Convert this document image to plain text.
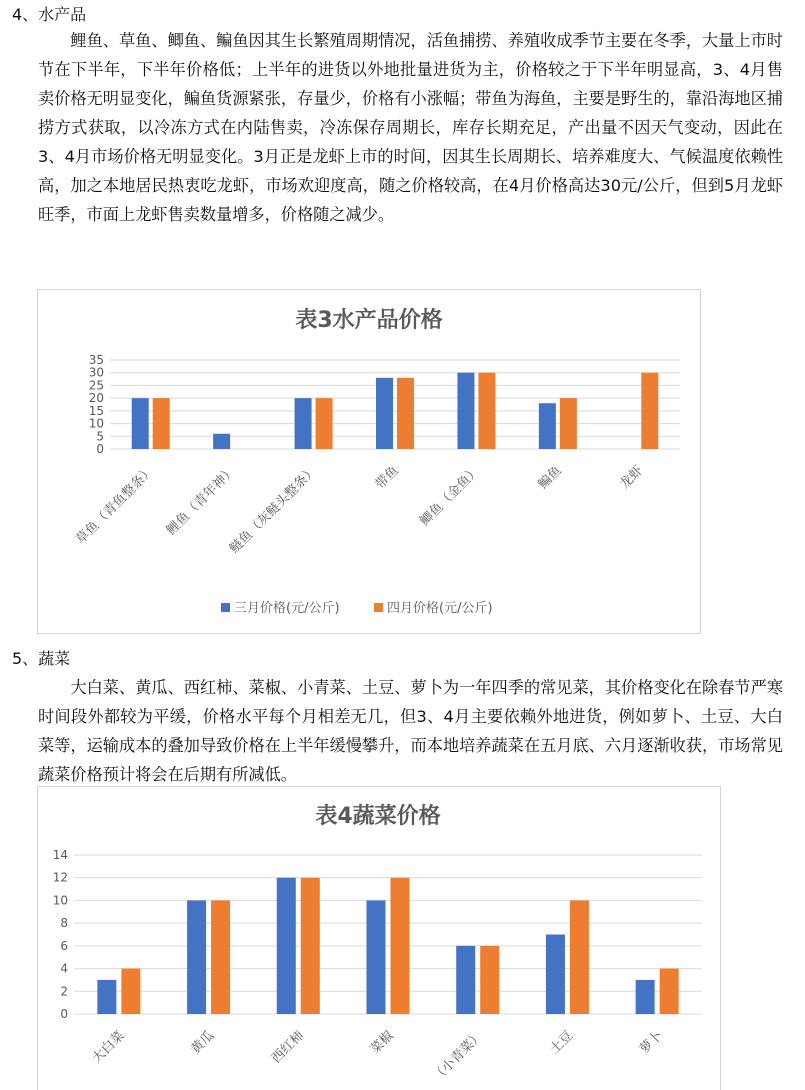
4、水产品

鲤鱼、草鱼、鲫鱼、鳊鱼因其生长繁殖周期情况，活鱼捕捞、养殖收成季节主要在冬季，大量上市时节在下半年，下半年价格低；上半年的进货以外地批量进货为主，价格较之于下半年明显高，3、4月售卖价格无明显变化，鳊鱼货源紧张，存量少，价格有小涨幅；带鱼为海鱼，主要是野生的，靠沿海地区捕捞方式获取，以冷冻方式在内陆售卖，冷冻保存周期长，库存长期充足，产出量不因天气变动，因此在3、4月市场价格无明显变化。3月正是龙虾上市的时间，因其生长周期长、培养难度大、气候温度依赖性高，加之本地居民热衷吃龙虾，市场欢迎度高，随之价格较高，在4月价格高达30元/公斤，但到5月龙虾旺季，市面上龙虾售卖数量增多，价格随之减少。

表3水产品价格
0
5
10
15
20
25
30
35
草鱼（青鱼整条） 鲤鱼（青年神）
鲢鱼（灰鲢头整条）	带鱼 鲫鱼（金鱼）	鳊鱼	龙虾
三月价格(元/公斤)	四月价格(元/公斤)
5、蔬菜

大白菜、黄瓜、西红柿、菜椒、小青菜、土豆、萝卜为一年四季的常见菜，其价格变化在除春节严寒时间段外都较为平缓，价格水平每个月相差无几，但3、4月主要依赖外地进货，例如萝卜、土豆、大白菜等，运输成本的叠加导致价格在上半年缓慢攀升，而本地培养蔬菜在五月底、六月逐渐收获，市场常见蔬菜价格预计将会在后期有所减低。

表4蔬菜价格
0
2
4
6
8
10
12
14
大白菜	黄瓜	西红柿	菜椒	（小青菜）	土豆	萝卜
